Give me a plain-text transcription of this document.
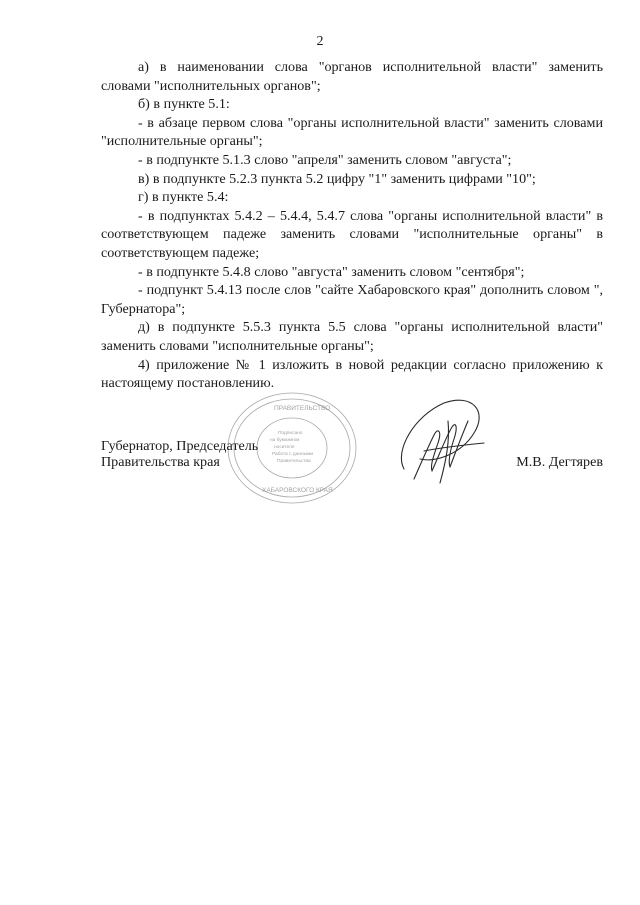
2

а) в наименовании слова "органов исполнительной власти" заменить словами "исполнительных органов";

б) в пункте 5.1:

- в абзаце первом слова "органы исполнительной власти" заменить словами "исполнительные органы";

- в подпункте 5.1.3 слово "апреля" заменить словом "августа";

в) в подпункте 5.2.3 пункта 5.2 цифру "1" заменить цифрами "10";

г) в пункте 5.4:

- в подпунктах 5.4.2 – 5.4.4, 5.4.7 слова "органы исполнительной власти" в соответствующем падеже заменить словами "исполнительные органы" в соответствующем падеже;

- в подпункте 5.4.8 слово "августа" заменить словом "сентября";

- подпункт 5.4.13 после слов "сайте Хабаровского края" дополнить словом ", Губернатора";

д) в подпункте 5.5.3 пункта 5.5 слова "органы исполнительной власти" заменить словами "исполнительные органы";

4) приложение № 1 изложить в новой редакции согласно приложению к настоящему постановлению.

ПРАВИТЕЛЬСТВО
ХАБАРОВСКОГО КРАЯ
Подписано
на бумажном
носителе
Работа с данными
Правительства
Губернатор, Председатель
Правительства края	М.В. Дегтярев
